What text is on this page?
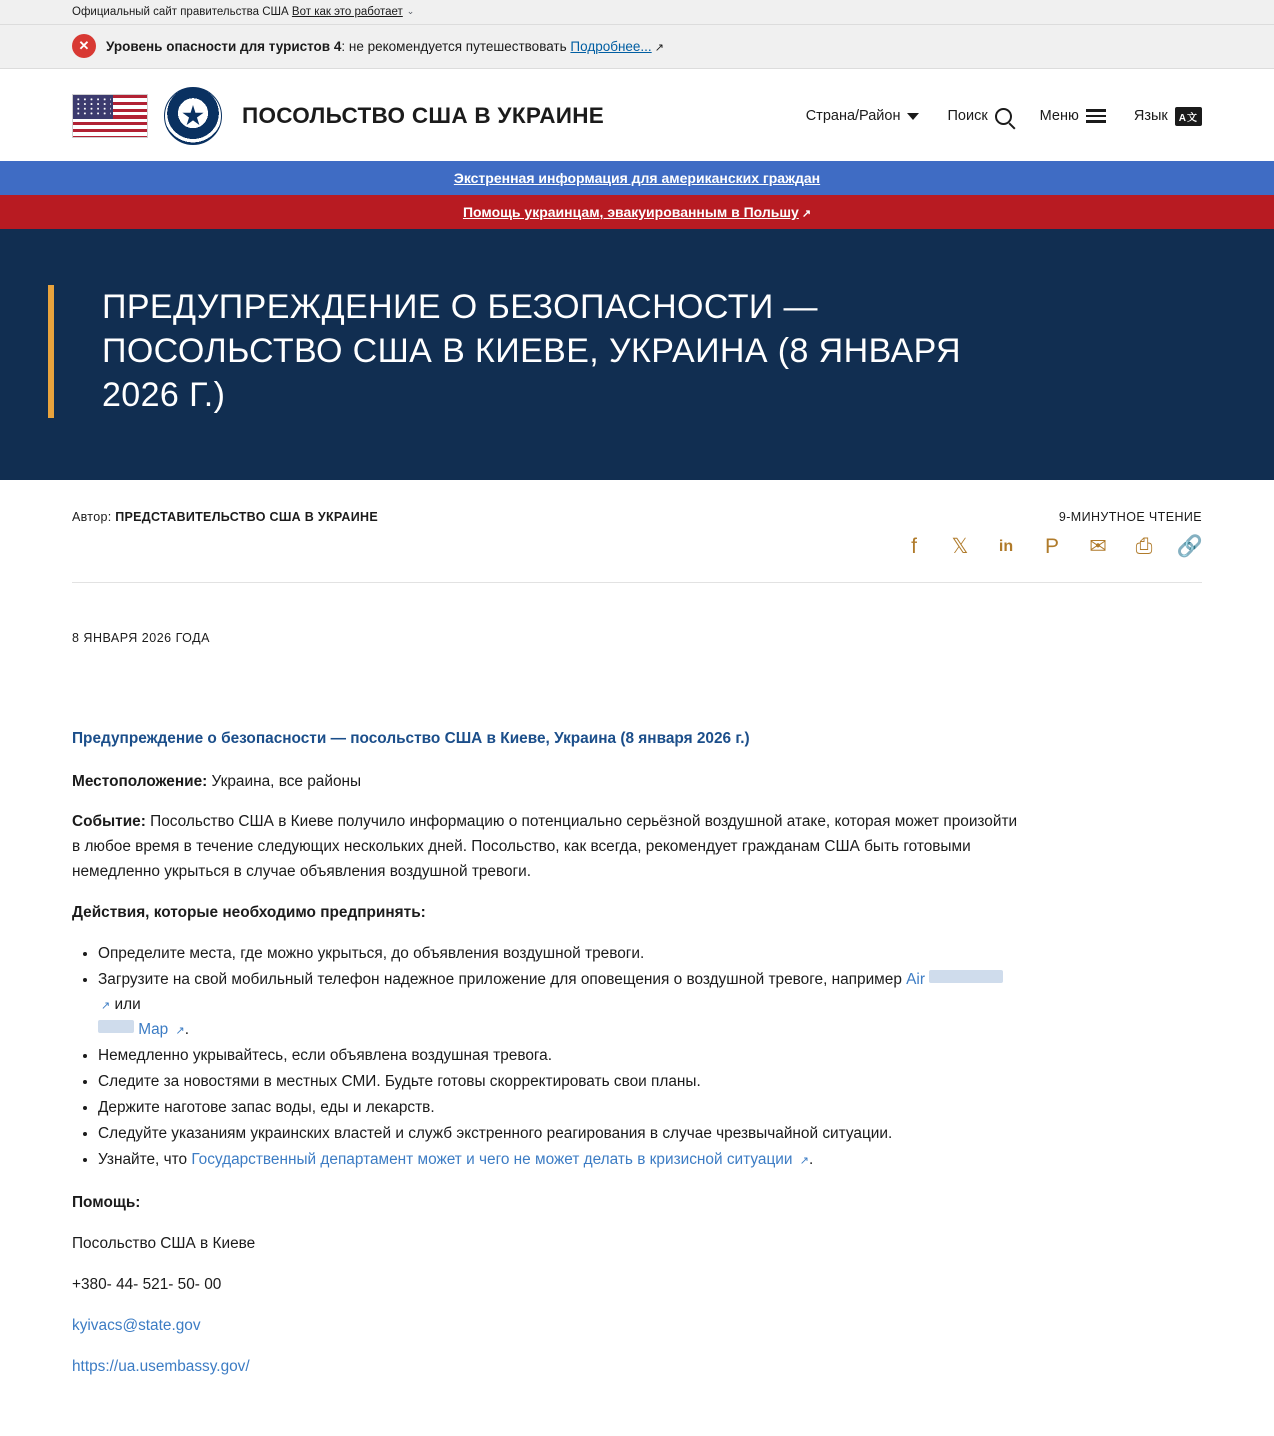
Официальный сайт правительства США Вот как это работает ⌄
✕	Уровень опасности для туристов 4: не рекомендуется путешествовать Подробнее... ↗
ПОСОЛЬСТВО США В УКРАИНЕ	Страна/Район	Поиск	Меню	Язык	A文
Экстренная информация для американских граждан
Помощь украинцам, эвакуированным в Польшу ↗
ПРЕДУПРЕЖДЕНИЕ О БЕЗОПАСНОСТИ — ПОСОЛЬСТВО США В КИЕВЕ, УКРАИНА (8 ЯНВАРЯ 2026 Г.)
Автор: ПРЕДСТАВИТЕЛЬСТВО США В УКРАИНЕ	9-МИНУТНОЕ ЧТЕНИЕ
f	𝕏	in P ✉ ⎙ 🔗
8 ЯНВАРЯ 2026 ГОДА

Предупреждение о безопасности — посольство США в Киеве, Украина (8 января 2026 г.)

Местоположение: Украина, все районы

Событие: Посольство США в Киеве получило информацию о потенциально серьёзной воздушной атаке, которая может произойти в любое время в течение следующих нескольких дней. Посольство, как всегда, рекомендует гражданам США быть готовыми немедленно укрыться в случае объявления воздушной тревоги.

Действия, которые необходимо предпринять:

• Определите места, где можно укрыться, до объявления воздушной тревоги.
• Загрузите на свой мобильный телефон надежное приложение для оповещения о воздушной тревоге, например Air  ↗ или
Map ↗.
• Немедленно укрывайтесь, если объявлена воздушная тревога.
• Следите за новостями в местных СМИ. Будьте готовы скорректировать свои планы.
• Держите наготове запас воды, еды и лекарств.
• Следуйте указаниям украинских властей и служб экстренного реагирования в случае чрезвычайной ситуации.
• Узнайте, что Государственный департамент может и чего не может делать в кризисной ситуации ↗.

Помощь:

Посольство США в Киеве

+380- 44- 521- 50- 00

kyivacs@state.gov

https://ua.usembassy.gov/
